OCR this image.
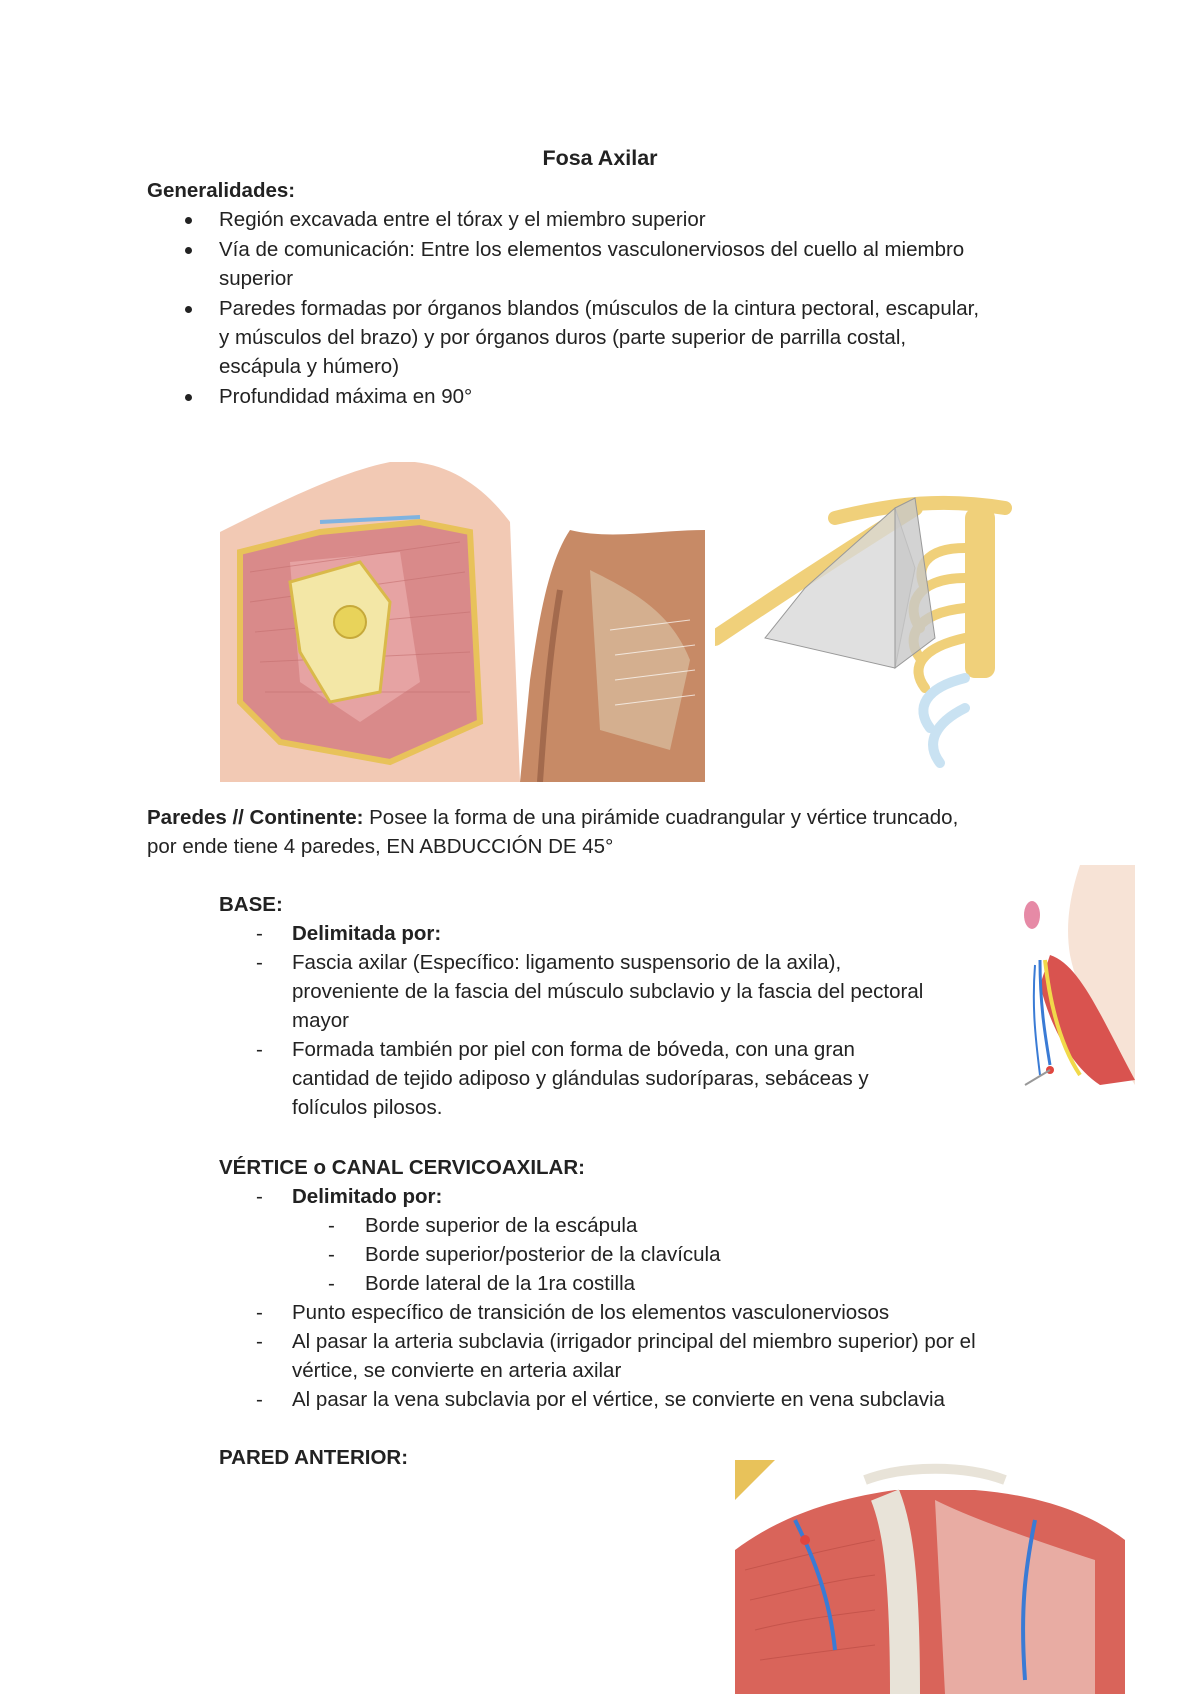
Fosa Axilar
Generalidades:
Región excavada entre el tórax y el miembro superior
Vía de comunicación: Entre los elementos vasculonerviosos del cuello al miembro
superior
Paredes formadas por órganos blandos (músculos de la cintura pectoral, escapular,
y músculos del brazo) y por órganos duros (parte superior de parrilla costal,
escápula y húmero)
Profundidad máxima en 90°
Paredes // Continente: Posee la forma de una pirámide cuadrangular y vértice truncado,
por ende tiene 4 paredes, EN ABDUCCIÓN DE 45°
BASE:
- Delimitada por:
- Fascia axilar (Específico: ligamento suspensorio de la axila),
proveniente de la fascia del músculo subclavio y la fascia del pectoral
mayor
- Formada también por piel con forma de bóveda, con una gran
cantidad de tejido adiposo y glándulas sudoríparas, sebáceas y
folículos pilosos.
VÉRTICE o CANAL CERVICOAXILAR:
- Delimitado por:
- Borde superior de la escápula
- Borde superior/posterior de la clavícula
- Borde lateral de la 1ra costilla
- Punto específico de transición de los elementos vasculonerviosos
- Al pasar la arteria subclavia (irrigador principal del miembro superior) por el
vértice, se convierte en arteria axilar
- Al pasar la vena subclavia por el vértice, se convierte en vena subclavia
PARED ANTERIOR:
